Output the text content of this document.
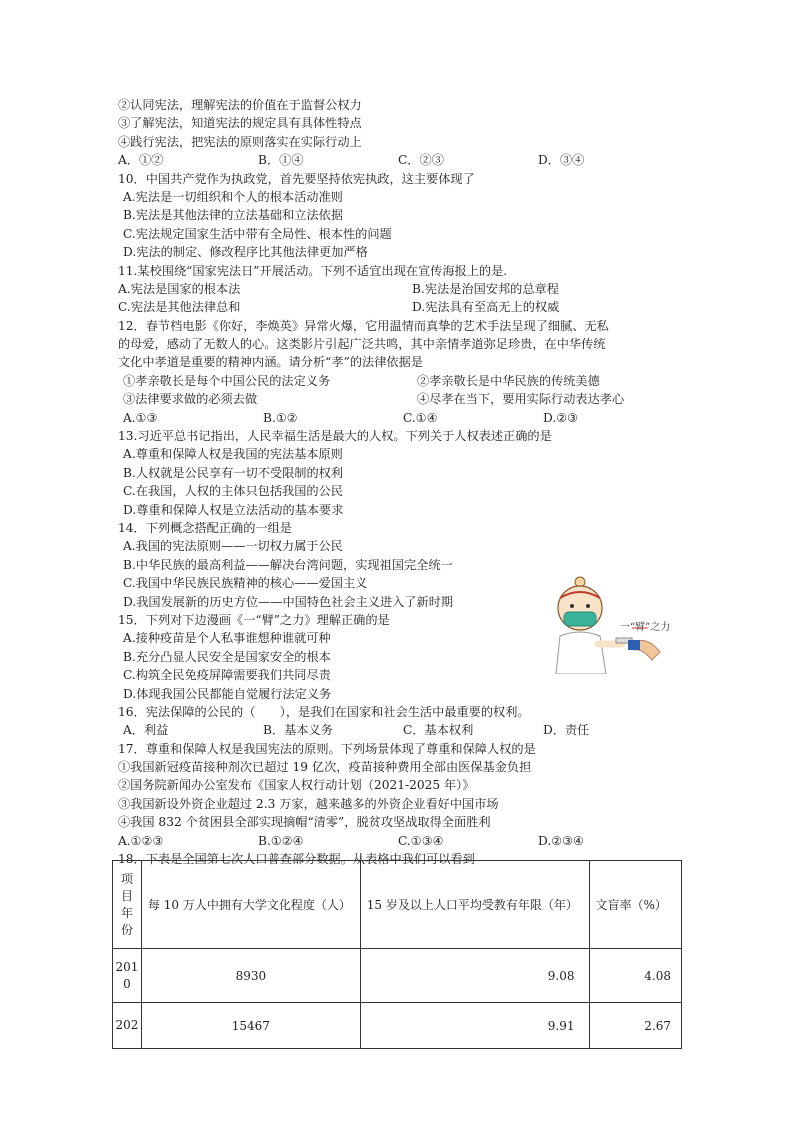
②认同宪法，理解宪法的价值在于监督公权力
③了解宪法，知道宪法的规定具有具体性特点
④践行宪法，把宪法的原则落实在实际行动上
A．①②	B．①④	C．②③	D．③④
10．中国共产党作为执政党，首先要坚持依宪执政，这主要体现了
A.宪法是一切组织和个人的根本活动准则
B.宪法是其他法律的立法基础和立法依据
C.宪法规定国家生活中带有全局性、根本性的问题
D.宪法的制定、修改程序比其他法律更加严格
11.某校围绕“国家宪法日”开展活动。下列不适宜出现在宣传海报上的是.
A.宪法是国家的根本法	B.宪法是治国安邦的总章程
C.宪法是其他法律总和	D.宪法具有至高无上的权威
12．春节档电影《你好，李焕英》异常火爆，它用温情而真挚的艺术手法呈现了细腻、无私
的母爱，感动了无数人的心。这类影片引起广泛共鸣，其中亲情孝道弥足珍贵，在中华传统
文化中孝道是重要的精神内涵。请分析“孝”的法律依据是
①孝亲敬长是每个中国公民的法定义务	②孝亲敬长是中华民族的传统美德
③法律要求做的必须去做	④尽孝在当下，要用实际行动表达孝心
A.①③	B.①②	C.①④	D.②③
13.习近平总书记指出，人民幸福生活是最大的人权。下列关于人权表述正确的是
A.尊重和保障人权是我国的宪法基本原则
B.人权就是公民享有一切不受限制的权利
C.在我国，人权的主体只包括我国的公民
D.尊重和保障人权是立法活动的基本要求
14．下列概念搭配正确的一组是
A.我国的宪法原则——一切权力属于公民
B.中华民族的最高利益——解决台湾问题，实现祖国完全统一
C.我国中华民族民族精神的核心——爱国主义
D.我国发展新的历史方位——中国特色社会主义进入了新时期
15．下列对下边漫画《一“臂”之力》理解正确的是
A.接种疫苗是个人私事谁想种谁就可种
B.充分凸显人民安全是国家安全的根本
C.构筑全民免疫屏障需要我们共同尽责
D.体现我国公民都能自觉履行法定义务
16．宪法保障的公民的（　　），是我们在国家和社会生活中最重要的权利。
A．利益	B．基本义务	C．基本权利	D．责任
17．尊重和保障人权是我国宪法的原则。下列场景体现了尊重和保障人权的是
①我国新冠疫苗接种剂次已超过 19 亿次，疫苗接种费用全部由医保基金负担
②国务院新闻办公室发布《国家人权行动计划（2021-2025 年）》
③我国新设外资企业超过 2.3 万家，越来越多的外资企业看好中国市场
④我国 832 个贫困县全部实现摘帽“清零”，脱贫攻坚战取得全面胜利
A.①②③	B.①②④	C.①③④	D.②③④
18．下表是全国第七次人口普查部分数据。从表格中我们可以看到
一“臂”之力
项
目
年
份	每 10 万人中拥有大学文化程度（人）	15 岁及以上人口平均受教有年限（年）	文盲率（%）
201
0	8930	9.08	4.08
202	15467	9.91	2.67
